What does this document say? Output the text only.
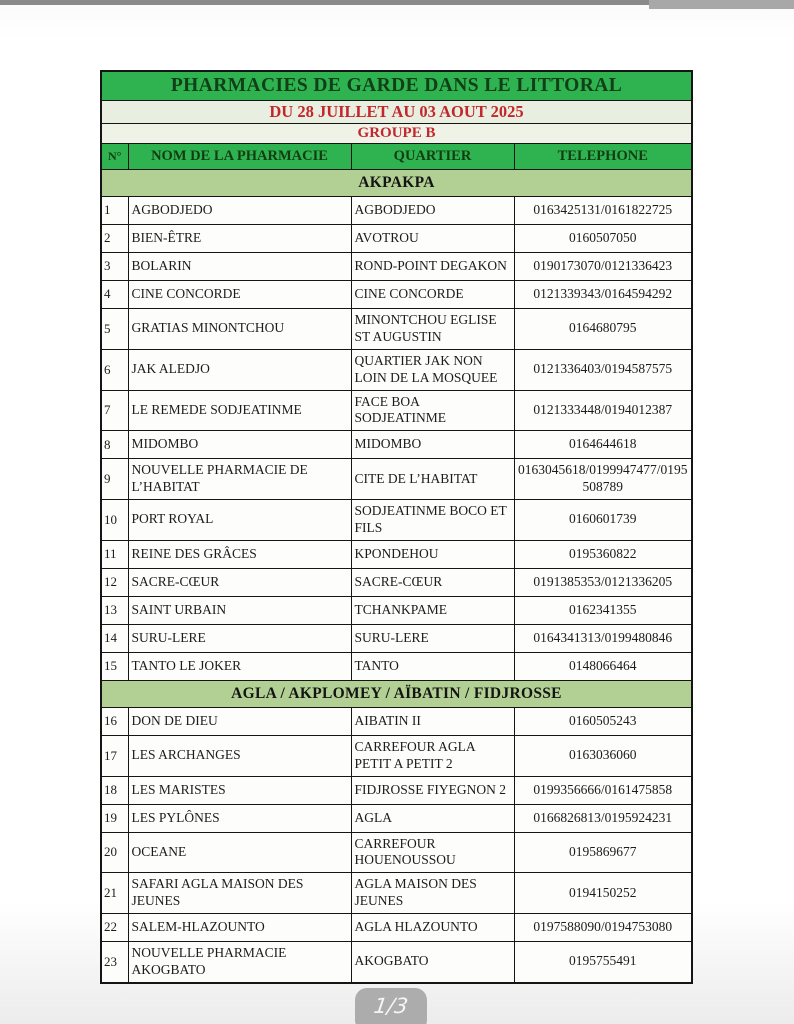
PHARMACIES DE GARDE DANS LE LITTORAL			
DU 28 JUILLET AU 03 AOUT 2025			
GROUPE B			
N°	NOM DE LA PHARMACIE	QUARTIER	TELEPHONE
AKPAKPA			
1	AGBODJEDO	AGBODJEDO	0163425131/0161822725
2	BIEN-ÊTRE	AVOTROU	0160507050
3	BOLARIN	ROND-POINT DEGAKON	0190173070/0121336423
4	CINE CONCORDE	CINE CONCORDE	0121339343/0164594292
5	GRATIAS MINONTCHOU	MINONTCHOU EGLISE ST AUGUSTIN	0164680795
6	JAK ALEDJO	QUARTIER JAK NON LOIN DE LA MOSQUEE	0121336403/0194587575
7	LE REMEDE SODJEATINME	FACE BOA SODJEATINME	0121333448/0194012387
8	MIDOMBO	MIDOMBO	0164644618
9	NOUVELLE PHARMACIE DE L’HABITAT	CITE DE L’HABITAT	0163045618/0199947477/0195508789
10	PORT ROYAL	SODJEATINME BOCO ET FILS	0160601739
11	REINE DES GRÂCES	KPONDEHOU	0195360822
12	SACRE-CŒUR	SACRE-CŒUR	0191385353/0121336205
13	SAINT URBAIN	TCHANKPAME	0162341355
14	SURU-LERE	SURU-LERE	0164341313/0199480846
15	TANTO LE JOKER	TANTO	0148066464
AGLA / AKPLOMEY / AÏBATIN / FIDJROSSE			
16	DON DE DIEU	AIBATIN II	0160505243
17	LES ARCHANGES	CARREFOUR AGLA PETIT A PETIT 2	0163036060
18	LES MARISTES	FIDJROSSE FIYEGNON 2	0199356666/0161475858
19	LES PYLÔNES	AGLA	0166826813/0195924231
20	OCEANE	CARREFOUR HOUENOUSSOU	0195869677
21	SAFARI AGLA MAISON DES JEUNES	AGLA MAISON DES JEUNES	0194150252
22	SALEM-HLAZOUNTO	AGLA HLAZOUNTO	0197588090/0194753080
23	NOUVELLE PHARMACIE AKOGBATO	AKOGBATO	0195755491
1/3
